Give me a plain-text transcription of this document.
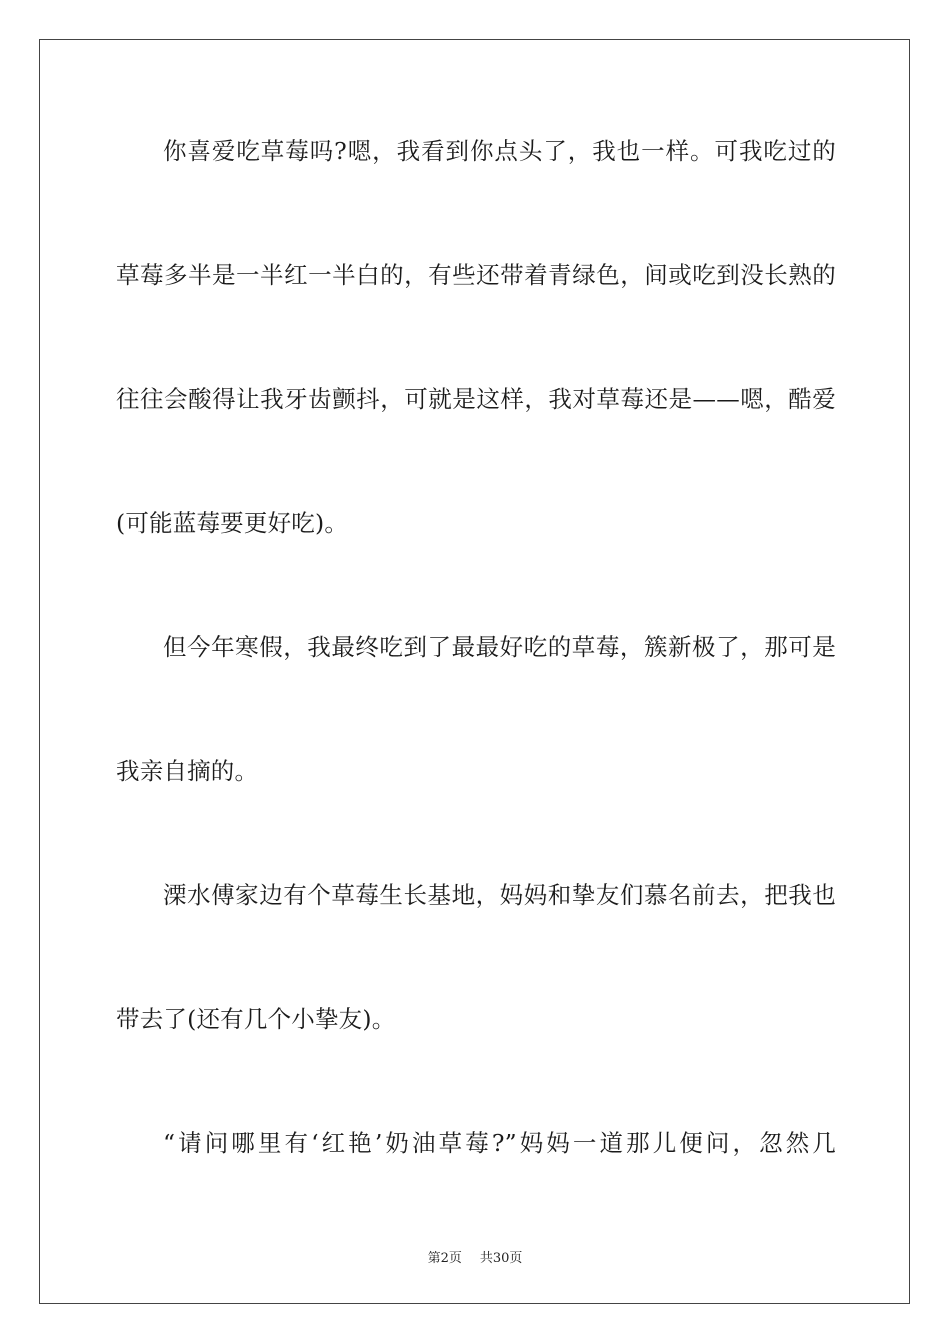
你喜爱吃草莓吗?嗯，我看到你点头了，我也一样。可我吃过的
草莓多半是一半红一半白的，有些还带着青绿色，间或吃到没长熟的
往往会酸得让我牙齿颤抖，可就是这样，我对草莓还是——嗯，酷爱
(可能蓝莓要更好吃)。
但今年寒假，我最终吃到了最最好吃的草莓，簇新极了，那可是
我亲自摘的。
溧水傅家边有个草莓生长基地，妈妈和挚友们慕名前去，把我也
带去了(还有几个小挚友)。
“请问哪里有‘红艳’奶油草莓?”妈妈一道那儿便问，忽然几
第2页 共30页
